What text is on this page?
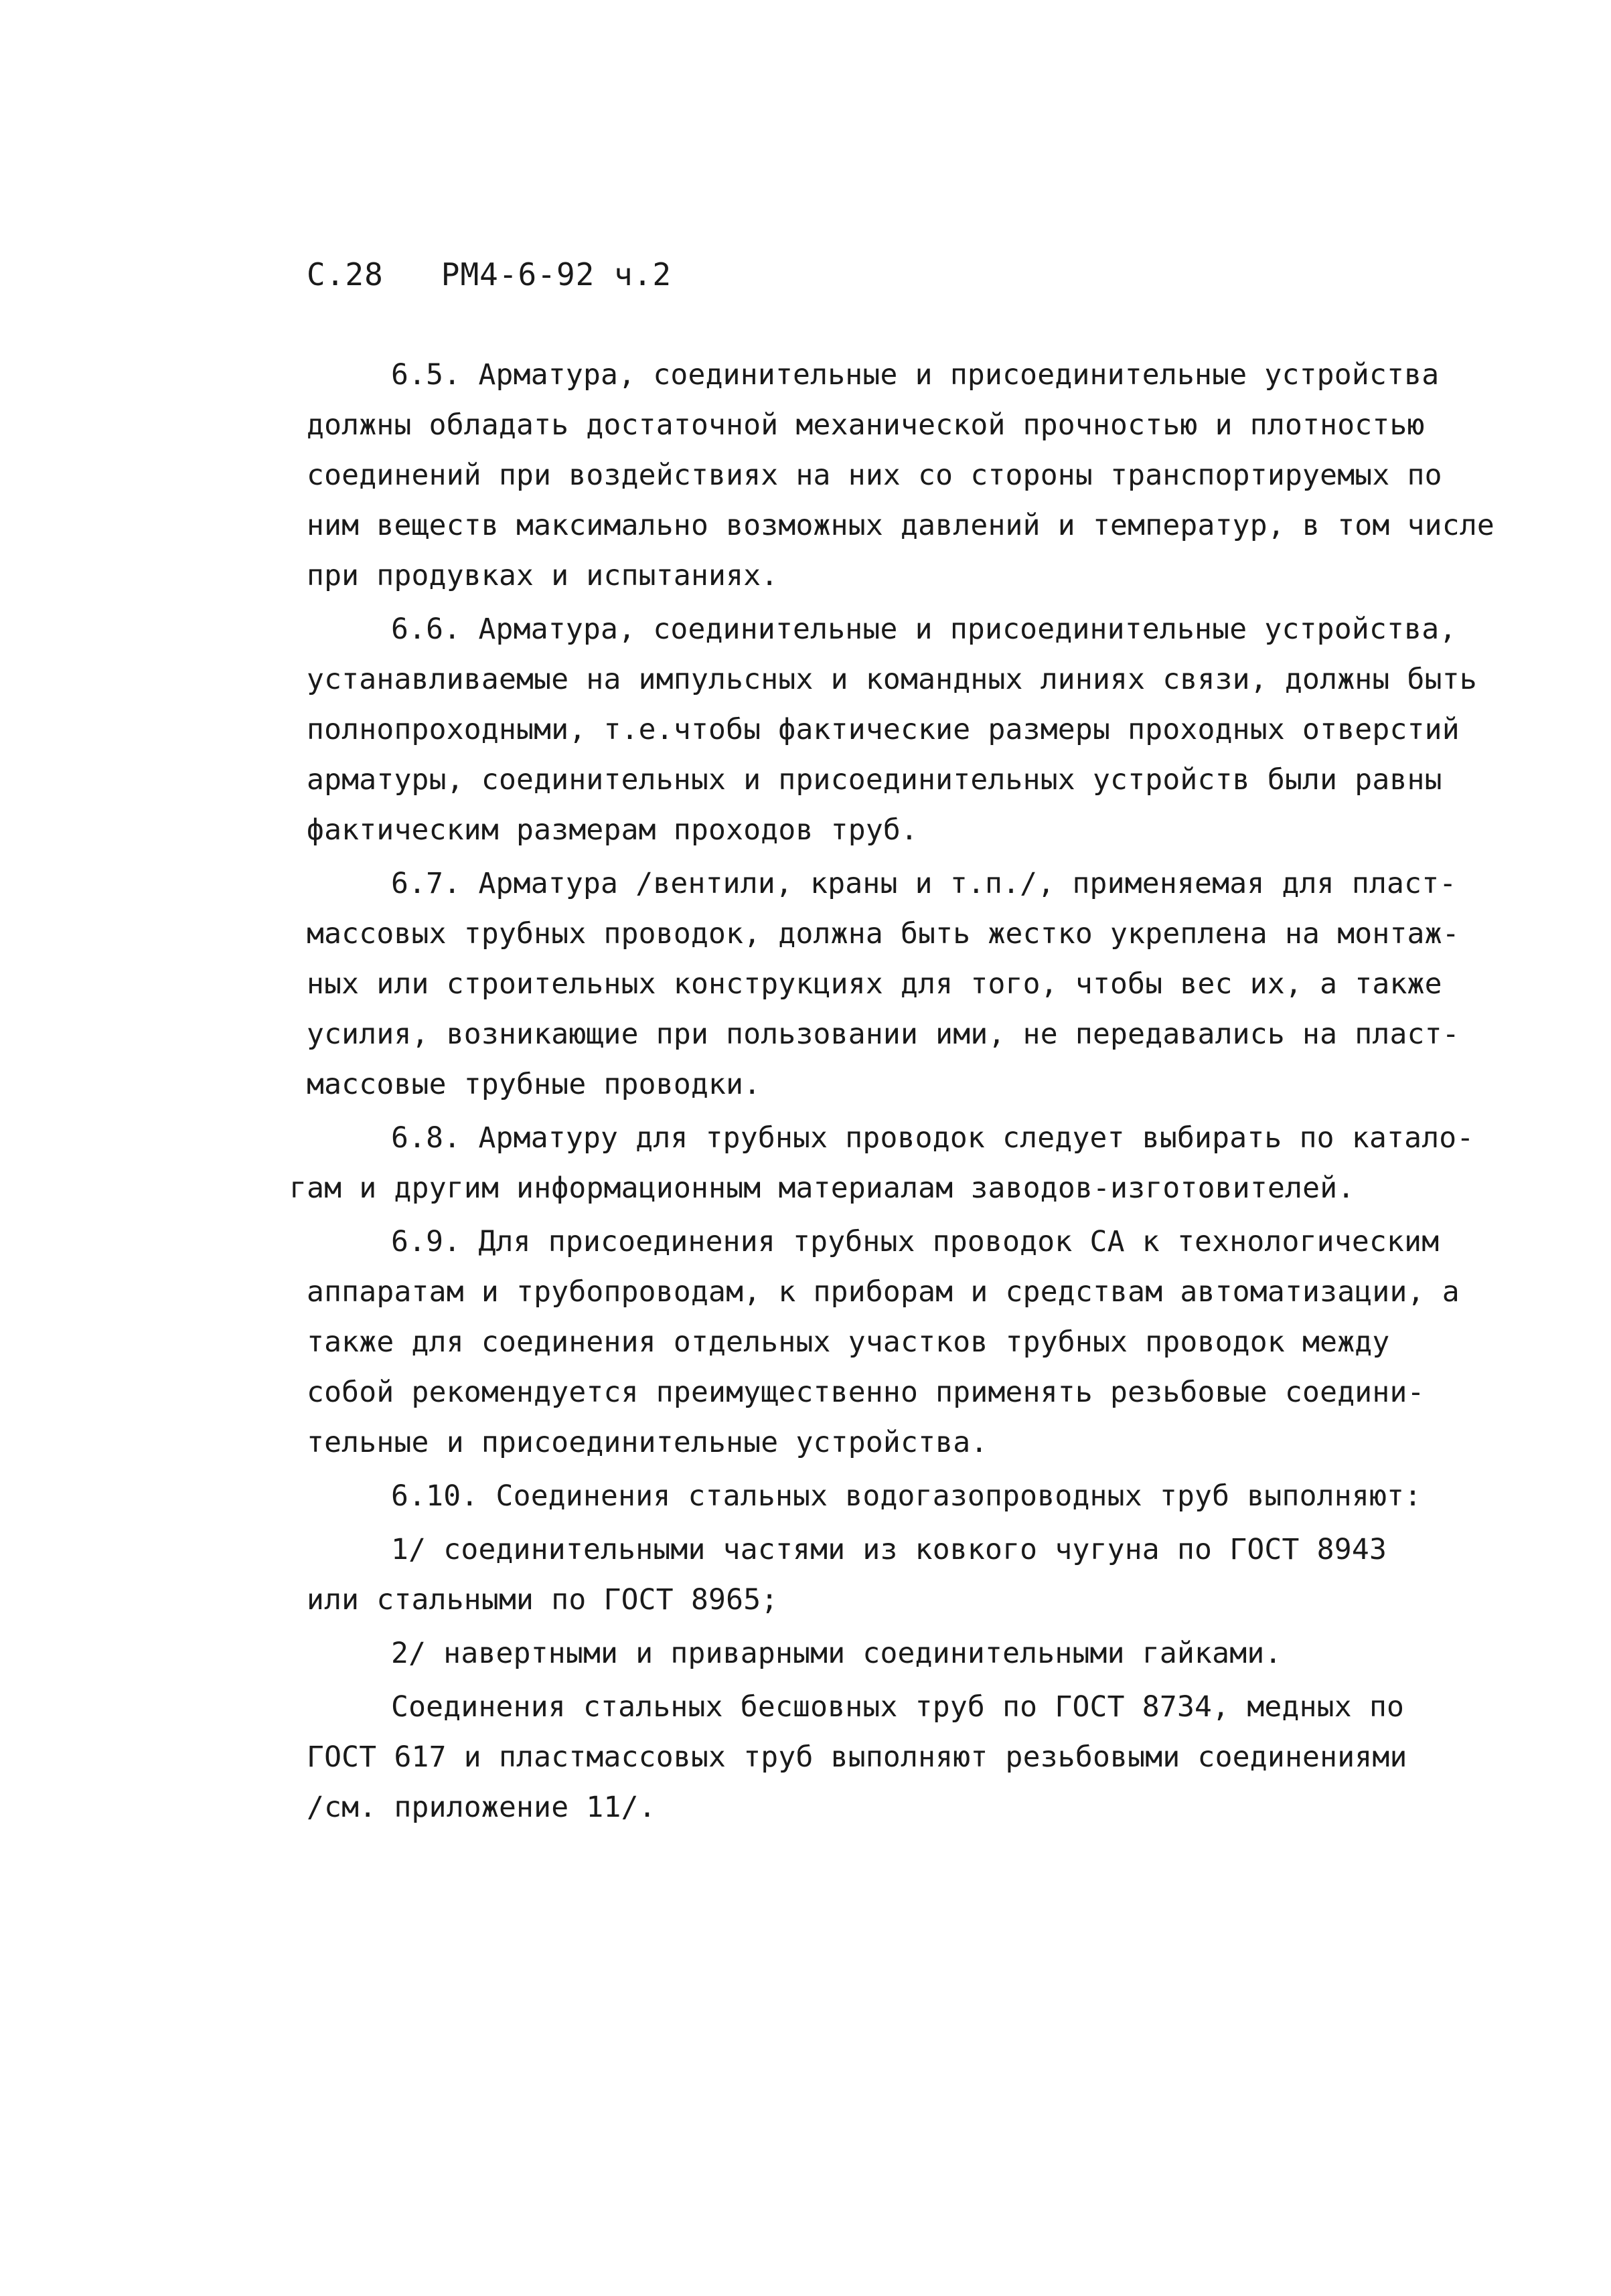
С.28 РМ4-6-92 ч.2
6.5. Арматура, соединительные и присоединительные устройства
должны обладать достаточной механической прочностью и плотностью
соединений при воздействиях на них со стороны транспортируемых по
ним веществ максимально возможных давлений и температур, в том числе
при продувках и испытаниях.
6.6. Арматура, соединительные и присоединительные устройства,
устанавливаемые на импульсных и командных линиях связи, должны быть
полнопроходными, т.е.чтобы фактические размеры проходных отверстий
арматуры, соединительных и присоединительных устройств были равны
фактическим размерам проходов труб.
6.7. Арматура /вентили, краны и т.п./, применяемая для пласт-
массовых трубных проводок, должна быть жестко укреплена на монтаж-
ных или строительных конструкциях для того, чтобы вес их, а также
усилия, возникающие при пользовании ими, не передавались на пласт-
массовые трубные проводки.
6.8. Арматуру для трубных проводок следует выбирать по катало-
гам и другим информационным материалам заводов-изготовителей.
6.9. Для присоединения трубных проводок СА к технологическим
аппаратам и трубопроводам, к приборам и средствам автоматизации, а
также для соединения отдельных участков трубных проводок между
собой рекомендуется преимущественно применять резьбовые соедини-
тельные и присоединительные устройства.
6.10. Соединения стальных водогазопроводных труб выполняют:
1/ соединительными частями из ковкого чугуна по ГОСТ 8943
или стальными по ГОСТ 8965;
2/ навертными и приварными соединительными гайками.
Соединения стальных бесшовных труб по ГОСТ 8734, медных по
ГОСТ 617 и пластмассовых труб выполняют резьбовыми соединениями
/см. приложение 11/.
